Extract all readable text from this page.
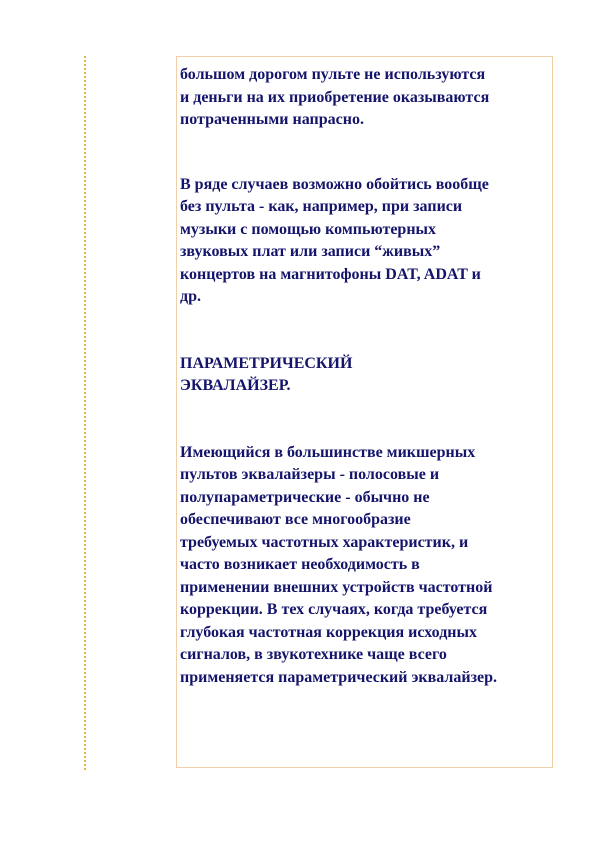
большом дорогом пульте не используются
и деньги на их приобретение оказываются
потраченными напрасно.

В ряде случаев возможно обойтись вообще
без пульта - как, например, при записи
музыки с помощью компьютерных
звуковых плат или записи “живых”
концертов на магнитофоны DAT, ADAT и
др.

ПАРАМЕТРИЧЕСКИЙ
ЭКВАЛАЙЗЕР.

Имеющийся в большинстве микшерных
пультов эквалайзеры - полосовые и
полупараметрические - обычно не
обеспечивают все многообразие
требуемых частотных характеристик, и
часто возникает необходимость в
применении внешних устройств частотной
коррекции. В тех случаях, когда требуется
глубокая частотная коррекция исходных
сигналов, в звукотехнике чаще всего
применяется параметрический эквалайзер.
